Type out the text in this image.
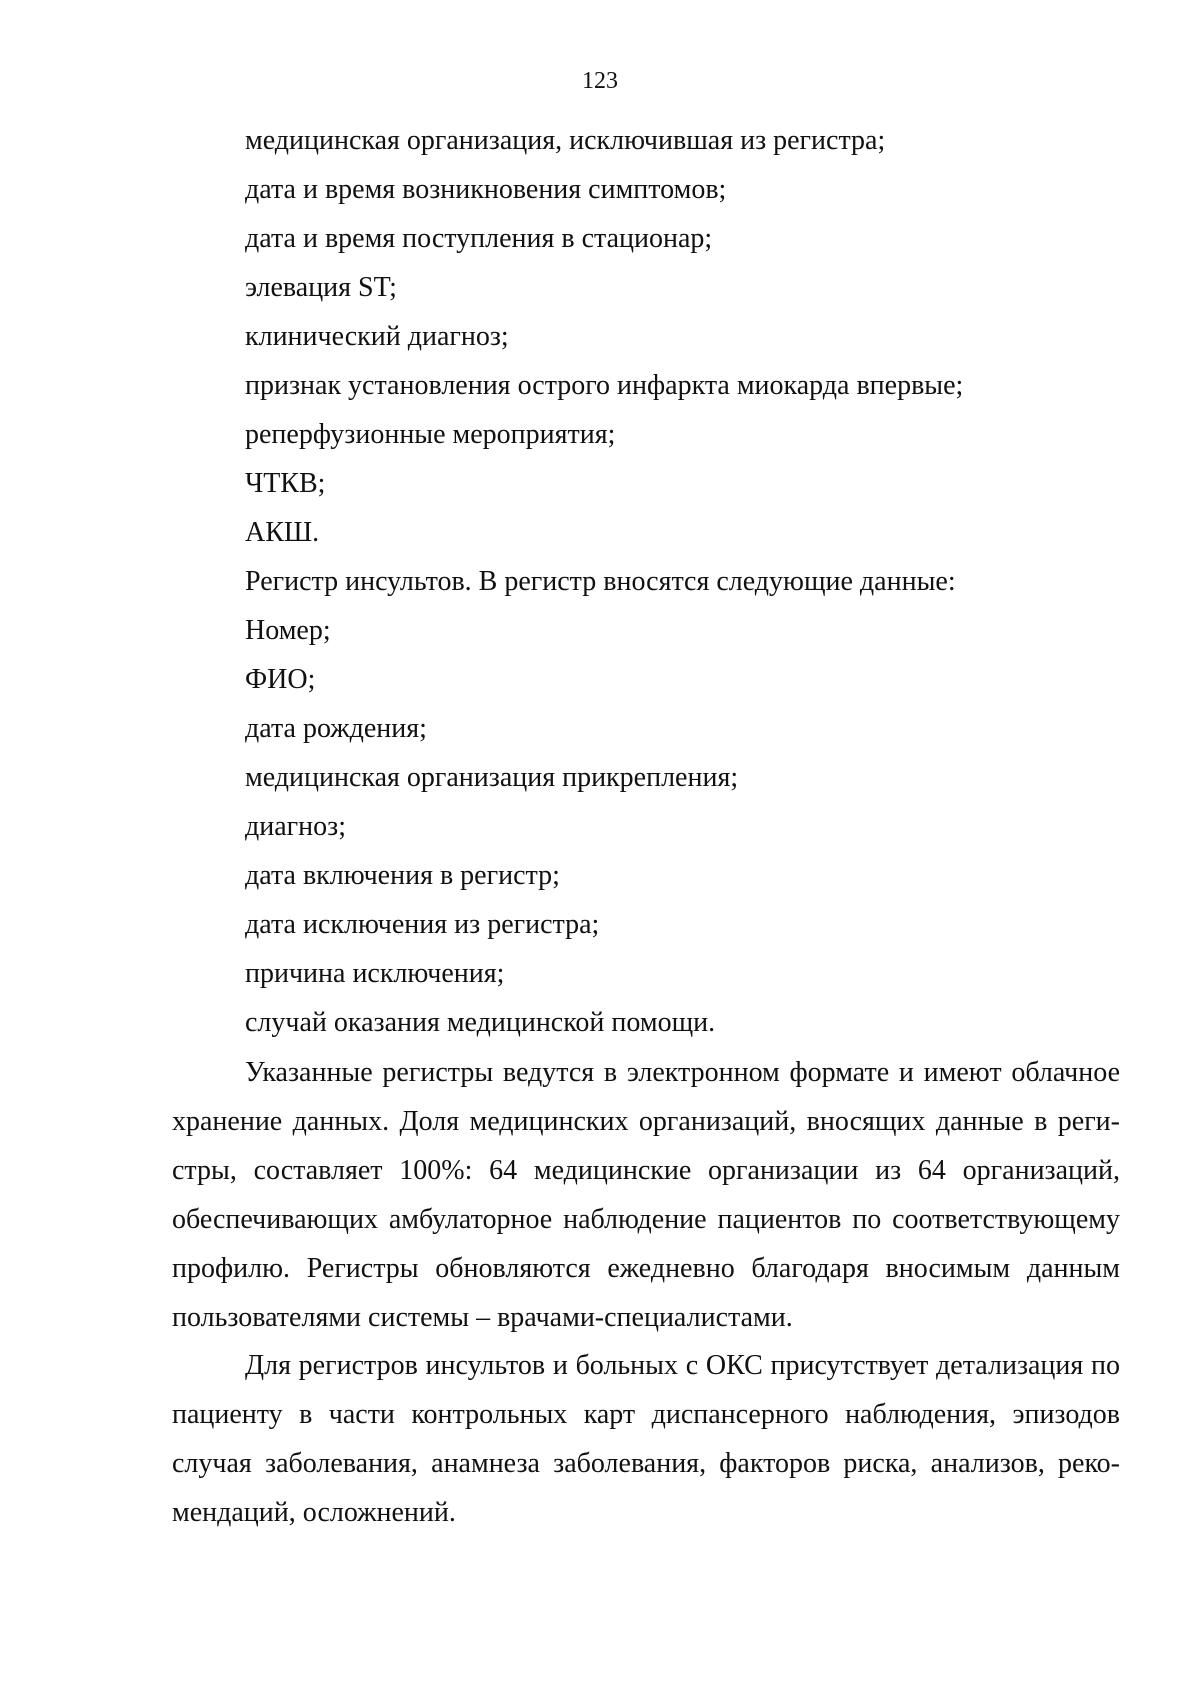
123
медицинская организация, исключившая из регистра;
дата и время возникновения симптомов;
дата и время поступления в стационар;
элевация ST;
клинический диагноз;
признак установления острого инфаркта миокарда впервые;
реперфузионные мероприятия;
ЧТКВ;
АКШ.
Регистр инсультов. В регистр вносятся следующие данные:
Номер;
ФИО;
дата рождения;
медицинская организация прикрепления;
диагноз;
дата включения в регистр;
дата исключения из регистра;
причина исключения;
случай оказания медицинской помощи.

Указанные регистры ведутся в электронном формате и имеют облачное хранение данных. Доля медицинских организаций, вносящих данные в регистры, составляет 100%: 64 медицинские организации из 64 организаций, обеспечивающих амбулаторное наблюдение пациентов по соответствующему профилю. Регистры обновляются ежедневно благодаря вносимым данным пользователями системы – врачами-специалистами.

Для регистров инсультов и больных с ОКС присутствует детализация по пациенту в части контрольных карт диспансерного наблюдения, эпизодов случая заболевания, анамнеза заболевания, факторов риска, анализов, рекомендаций, осложнений.
